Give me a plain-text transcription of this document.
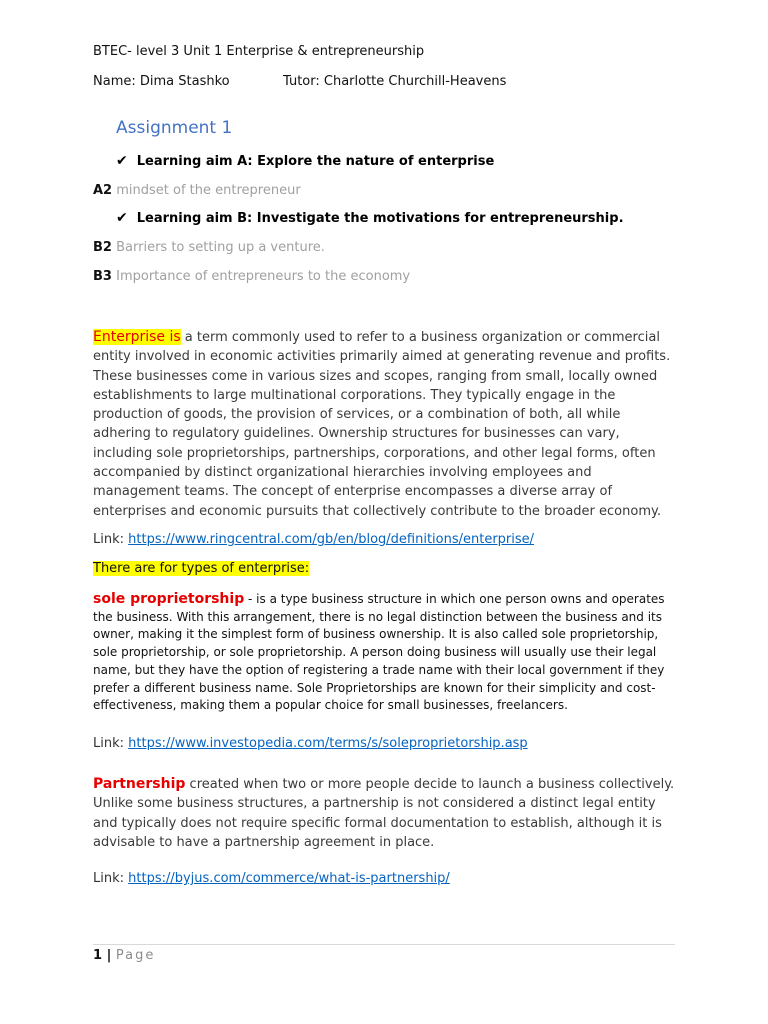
BTEC- level 3 Unit 1 Enterprise & entrepreneurship
Name: Dima Stashko	Tutor: Charlotte Churchill-Heavens
Assignment 1
✔ Learning aim A: Explore the nature of enterprise
A2 mindset of the entrepreneur
✔ Learning aim B: Investigate the motivations for entrepreneurship.
B2 Barriers to setting up a venture.
B3 Importance of entrepreneurs to the economy

Enterprise is a term commonly used to refer to a business organization or commercial entity involved in economic activities primarily aimed at generating revenue and profits. These businesses come in various sizes and scopes, ranging from small, locally owned establishments to large multinational corporations. They typically engage in the production of goods, the provision of services, or a combination of both, all while adhering to regulatory guidelines. Ownership structures for businesses can vary, including sole proprietorships, partnerships, corporations, and other legal forms, often accompanied by distinct organizational hierarchies involving employees and management teams. The concept of enterprise encompasses a diverse array of enterprises and economic pursuits that collectively contribute to the broader economy.

Link: https://www.ringcentral.com/gb/en/blog/definitions/enterprise/
There are for types of enterprise:

sole proprietorship - is a type business structure in which one person owns and operates the business. With this arrangement, there is no legal distinction between the business and its owner, making it the simplest form of business ownership. It is also called sole proprietorship, sole proprietorship, or sole proprietorship. A person doing business will usually use their legal name, but they have the option of registering a trade name with their local government if they prefer a different business name. Sole Proprietorships are known for their simplicity and cost-effectiveness, making them a popular choice for small businesses, freelancers.

Link: https://www.investopedia.com/terms/s/soleproprietorship.asp

Partnership created when two or more people decide to launch a business collectively. Unlike some business structures, a partnership is not considered a distinct legal entity and typically does not require specific formal documentation to establish, although it is advisable to have a partnership agreement in place.

Link: https://byjus.com/commerce/what-is-partnership/
1 | Page
